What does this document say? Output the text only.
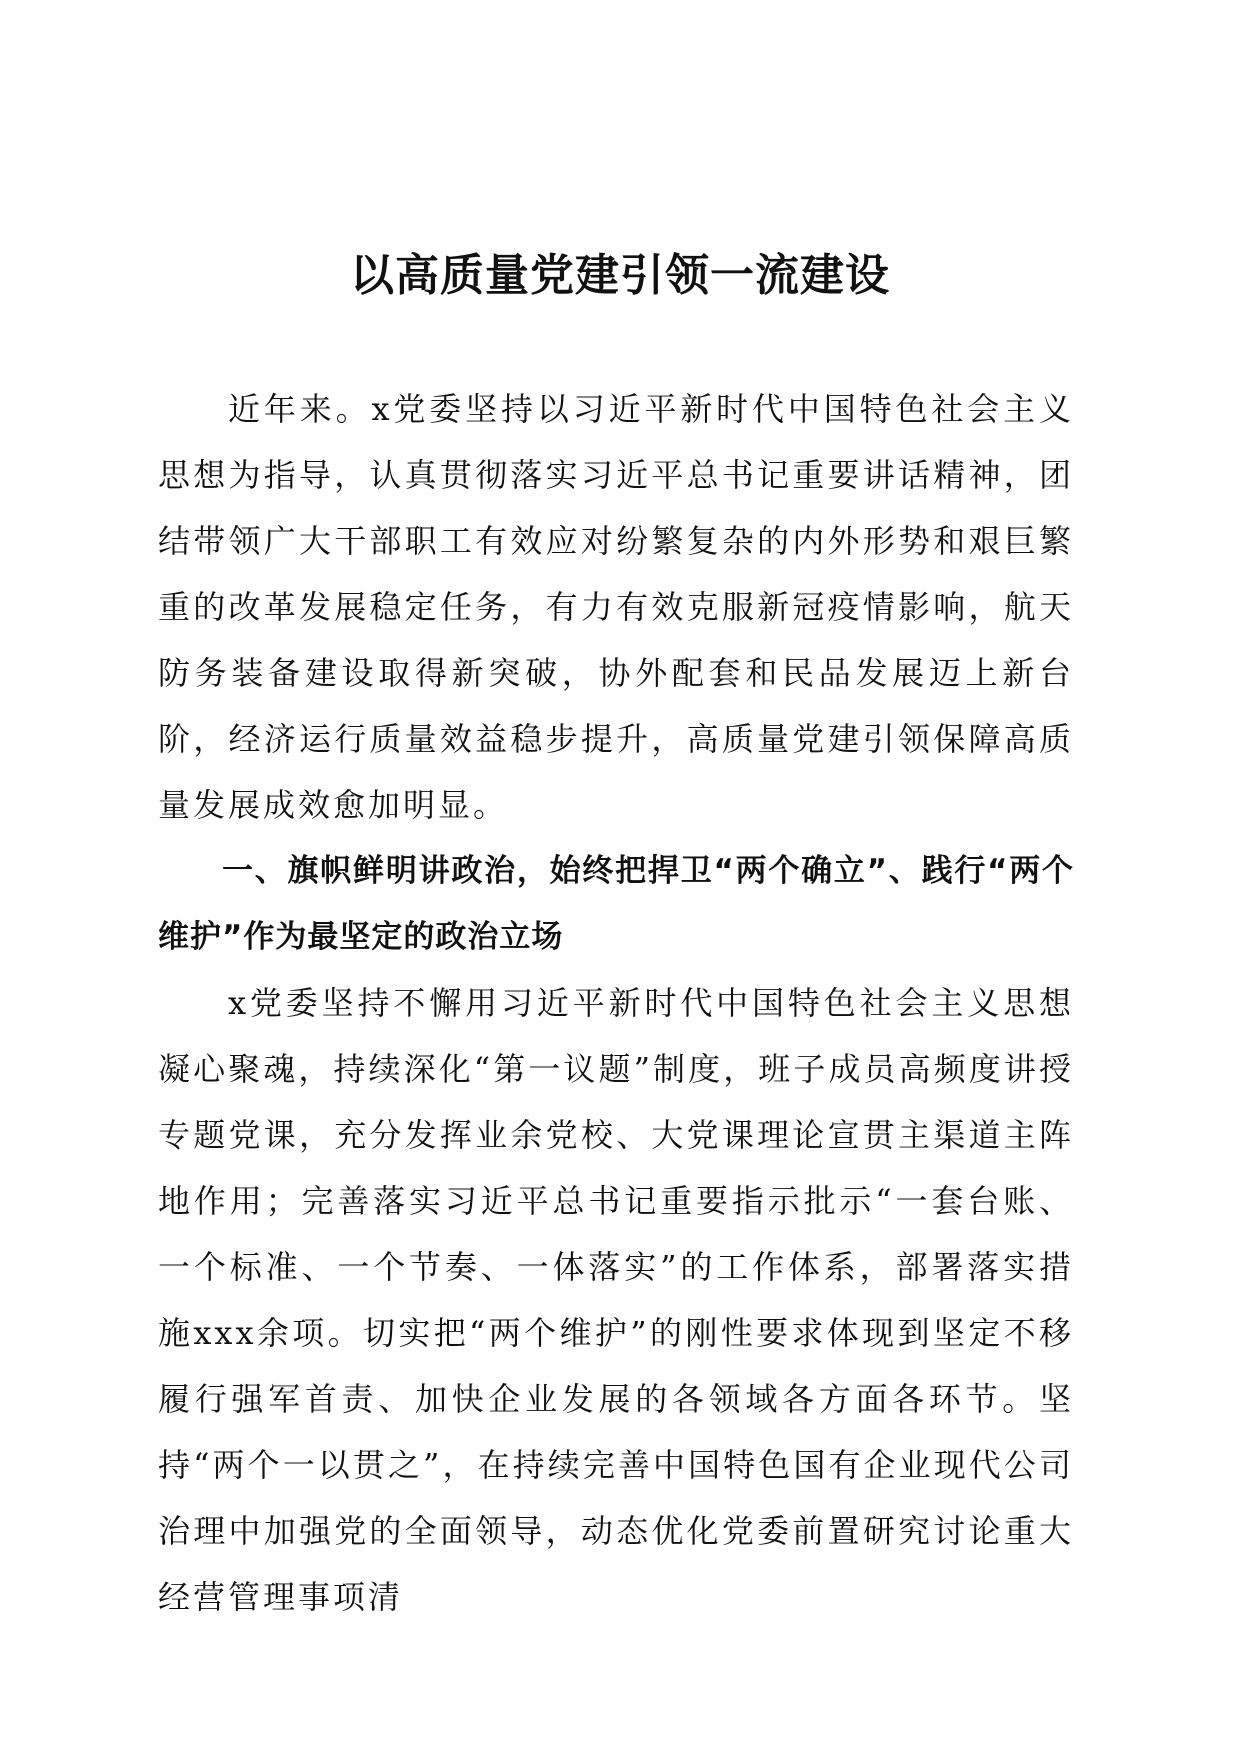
以高质量党建引领一流建设

近年来。x党委坚持以习近平新时代中国特色社会主义思想为指导，认真贯彻落实习近平总书记重要讲话精神，团结带领广大干部职工有效应对纷繁复杂的内外形势和艰巨繁重的改革发展稳定任务，有力有效克服新冠疫情影响，航天防务装备建设取得新突破，协外配套和民品发展迈上新台阶，经济运行质量效益稳步提升，高质量党建引领保障高质量发展成效愈加明显。

一、旗帜鲜明讲政治，始终把捍卫“两个确立”、践行“两个维护”作为最坚定的政治立场

x党委坚持不懈用习近平新时代中国特色社会主义思想凝心聚魂，持续深化“第一议题”制度，班子成员高频度讲授专题党课，充分发挥业余党校、大党课理论宣贯主渠道主阵地作用；完善落实习近平总书记重要指示批示“一套台账、一个标准、一个节奏、一体落实”的工作体系，部署落实措施xxx余项。切实把“两个维护”的刚性要求体现到坚定不移履行强军首责、加快企业发展的各领域各方面各环节。坚持“两个一以贯之”，在持续完善中国特色国有企业现代公司治理中加强党的全面领导，动态优化党委前置研究讨论重大经营管理事项清
